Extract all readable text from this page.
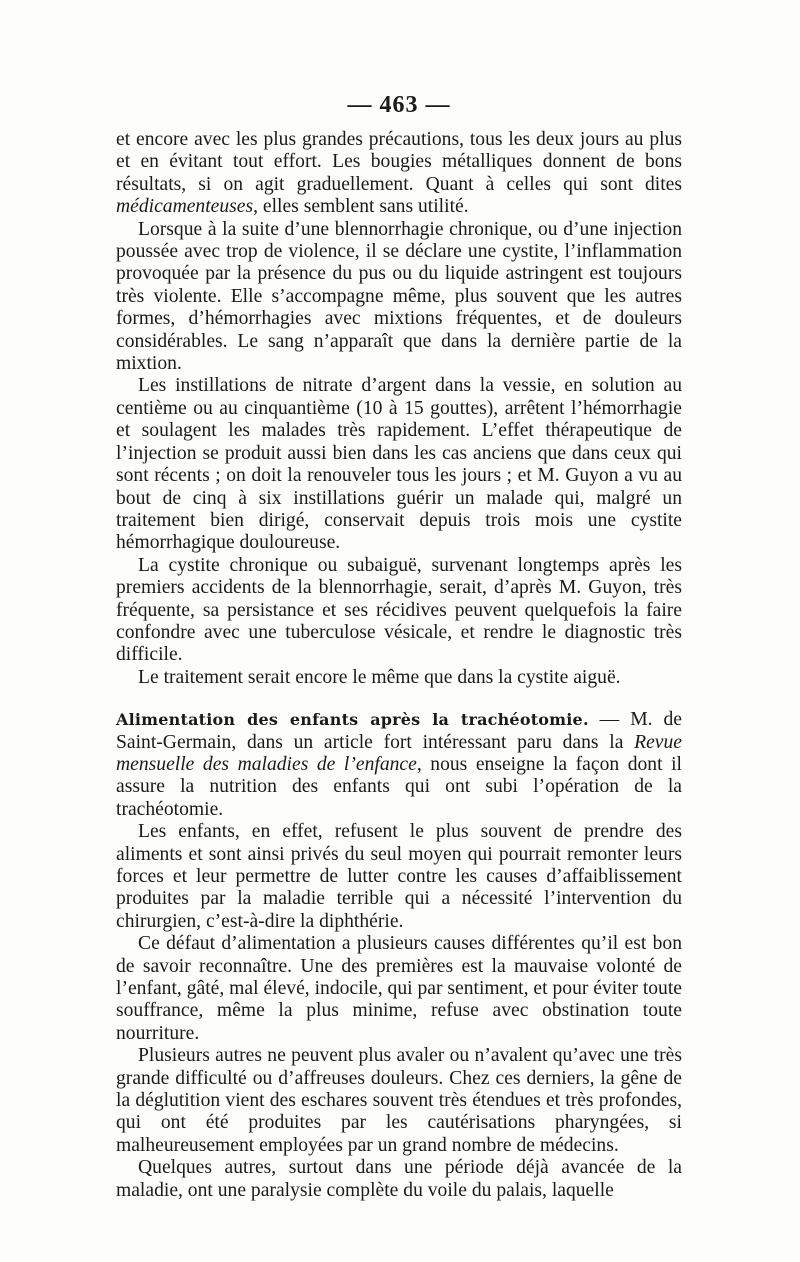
— 463 —

et encore avec les plus grandes précautions, tous les deux jours au plus et en évitant tout effort. Les bougies métalliques donnent de bons résultats, si on agit graduellement. Quant à celles qui sont dites médicamenteuses, elles semblent sans utilité.

Lorsque à la suite d’une blennorrhagie chronique, ou d’une injection poussée avec trop de violence, il se déclare une cystite, l’inflammation provoquée par la présence du pus ou du liquide astringent est toujours très violente. Elle s’accompagne même, plus souvent que les autres formes, d’hémorrhagies avec mixtions fréquentes, et de douleurs considérables. Le sang n’apparaît que dans la dernière partie de la mixtion.

Les instillations de nitrate d’argent dans la vessie, en solution au centième ou au cinquantième (10 à 15 gouttes), arrêtent l’hémorrhagie et soulagent les malades très rapidement. L’effet thérapeutique de l’injection se produit aussi bien dans les cas anciens que dans ceux qui sont récents ; on doit la renouveler tous les jours ; et M. Guyon a vu au bout de cinq à six instillations guérir un malade qui, malgré un traitement bien dirigé, conservait depuis trois mois une cystite hémorrhagique douloureuse.

La cystite chronique ou subaiguë, survenant longtemps après les premiers accidents de la blennorrhagie, serait, d’après M. Guyon, très fréquente, sa persistance et ses récidives peuvent quelquefois la faire confondre avec une tuberculose vésicale, et rendre le diagnostic très difficile.

Le traitement serait encore le même que dans la cystite aiguë.

Alimentation des enfants après la trachéotomie. — M. de Saint-Germain, dans un article fort intéressant paru dans la Revue mensuelle des maladies de l’enfance, nous enseigne la façon dont il assure la nutrition des enfants qui ont subi l’opération de la trachéotomie.

Les enfants, en effet, refusent le plus souvent de prendre des aliments et sont ainsi privés du seul moyen qui pourrait remonter leurs forces et leur permettre de lutter contre les causes d’affaiblissement produites par la maladie terrible qui a nécessité l’intervention du chirurgien, c’est-à-dire la diphthérie.

Ce défaut d’alimentation a plusieurs causes différentes qu’il est bon de savoir reconnaître. Une des premières est la mauvaise volonté de l’enfant, gâté, mal élevé, indocile, qui par sentiment, et pour éviter toute souffrance, même la plus minime, refuse avec obstination toute nourriture.

Plusieurs autres ne peuvent plus avaler ou n’avalent qu’avec une très grande difficulté ou d’affreuses douleurs. Chez ces derniers, la gêne de la déglutition vient des eschares souvent très étendues et très profondes, qui ont été produites par les cautérisations pharyngées, si malheureusement employées par un grand nombre de médecins.

Quelques autres, surtout dans une période déjà avancée de la maladie, ont une paralysie complète du voile du palais, laquelle
